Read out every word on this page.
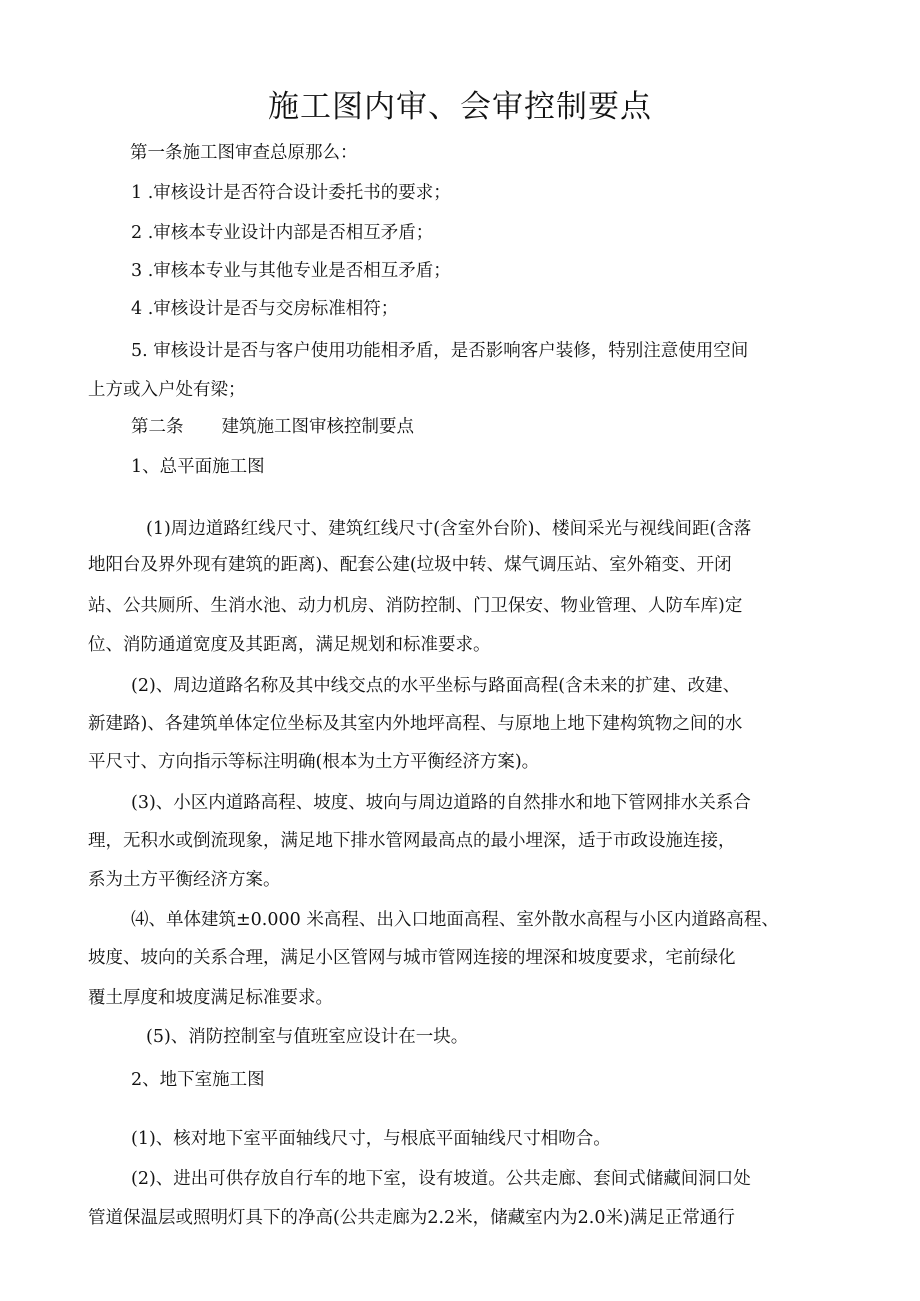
施工图内审、会审控制要点
第一条施工图审查总原那么：
1 .审核设计是否符合设计委托书的要求；
2 .审核本专业设计内部是否相互矛盾；
3 .审核本专业与其他专业是否相互矛盾；
4 .审核设计是否与交房标准相符；
5. 审核设计是否与客户使用功能相矛盾，是否影响客户装修，特别注意使用空间
上方或入户处有梁；
第二条 建筑施工图审核控制要点
1、总平面施工图
(1)周边道路红线尺寸、建筑红线尺寸(含室外台阶)、楼间采光与视线间距(含落
地阳台及界外现有建筑的距离)、配套公建(垃圾中转、煤气调压站、室外箱变、开闭
站、公共厕所、生消水池、动力机房、消防控制、门卫保安、物业管理、人防车库)定
位、消防通道宽度及其距离，满足规划和标准要求。
(2)、周边道路名称及其中线交点的水平坐标与路面高程(含未来的扩建、改建、
新建路)、各建筑单体定位坐标及其室内外地坪高程、与原地上地下建构筑物之间的水
平尺寸、方向指示等标注明确(根本为土方平衡经济方案)。
(3)、小区内道路高程、坡度、坡向与周边道路的自然排水和地下管网排水关系合
理，无积水或倒流现象，满足地下排水管网最高点的最小埋深，适于市政设施连接，
系为土方平衡经济方案。
⑷、单体建筑±0.000 米高程、出入口地面高程、室外散水高程与小区内道路高程、
坡度、坡向的关系合理，满足小区管网与城市管网连接的埋深和坡度要求，宅前绿化
覆土厚度和坡度满足标准要求。
(5)、消防控制室与值班室应设计在一块。
2、地下室施工图
(1)、核对地下室平面轴线尺寸，与根底平面轴线尺寸相吻合。
(2)、进出可供存放自行车的地下室，设有坡道。公共走廊、套间式储藏间洞口处
管道保温层或照明灯具下的净高(公共走廊为2.2米，储藏室内为2.0米)满足正常通行
